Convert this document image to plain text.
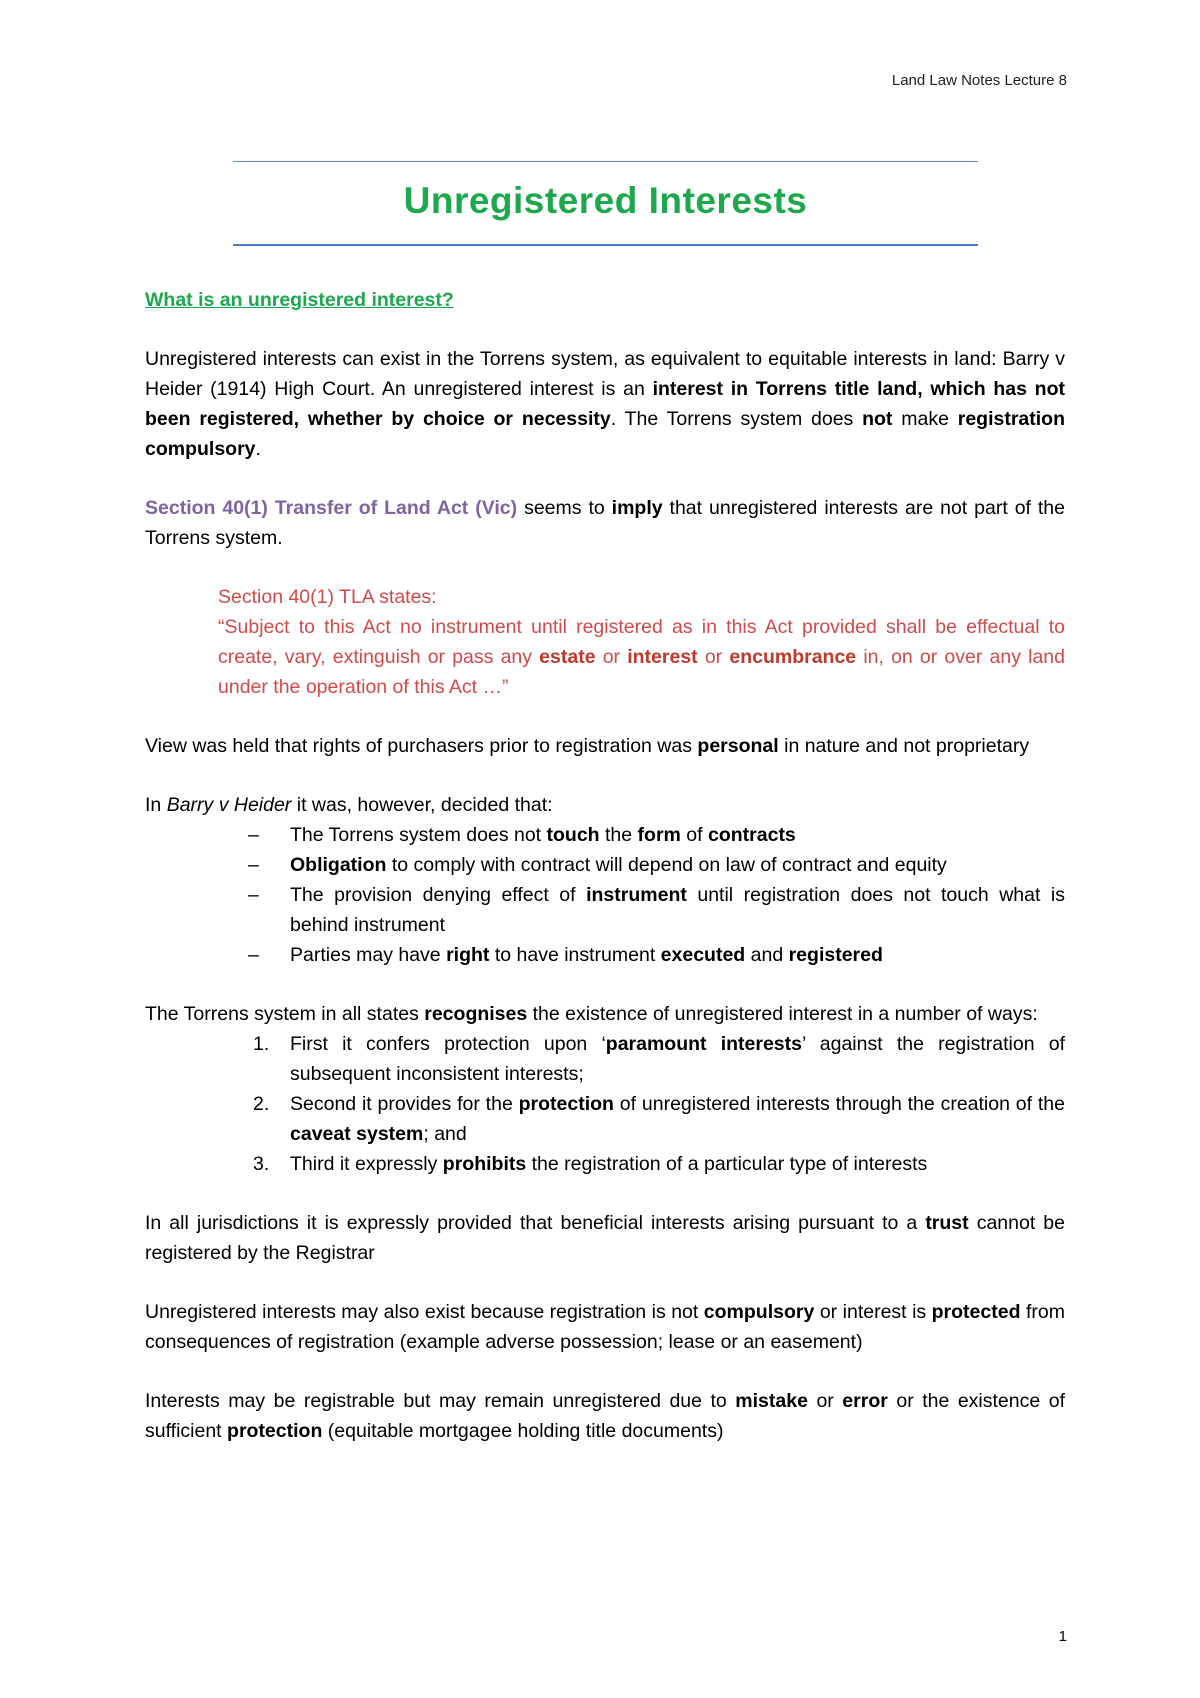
Land Law Notes Lecture 8
Unregistered Interests

What is an unregistered interest?

Unregistered interests can exist in the Torrens system, as equivalent to equitable interests in land: Barry v Heider (1914) High Court. An unregistered interest is an interest in Torrens title land, which has not been registered, whether by choice or necessity. The Torrens system does not make registration compulsory.

Section 40(1) Transfer of Land Act (Vic) seems to imply that unregistered interests are not part of the Torrens system.

Section 40(1) TLA states:
“Subject to this Act no instrument until registered as in this Act provided shall be effectual to create, vary, extinguish or pass any estate or interest or encumbrance in, on or over any land under the operation of this Act …”

View was held that rights of purchasers prior to registration was personal in nature and not proprietary

In Barry v Heider it was, however, decided that:

– The Torrens system does not touch the form of contracts
– Obligation to comply with contract will depend on law of contract and equity
– The provision denying effect of instrument until registration does not touch what is behind instrument
– Parties may have right to have instrument executed and registered

The Torrens system in all states recognises the existence of unregistered interest in a number of ways:

1. First it confers protection upon ‘paramount interests’ against the registration of subsequent inconsistent interests;
2. Second it provides for the protection of unregistered interests through the creation of the caveat system; and
3. Third it expressly prohibits the registration of a particular type of interests

In all jurisdictions it is expressly provided that beneficial interests arising pursuant to a trust cannot be registered by the Registrar

Unregistered interests may also exist because registration is not compulsory or interest is protected from consequences of registration (example adverse possession; lease or an easement)

Interests may be registrable but may remain unregistered due to mistake or error or the existence of sufficient protection (equitable mortgagee holding title documents)

1
